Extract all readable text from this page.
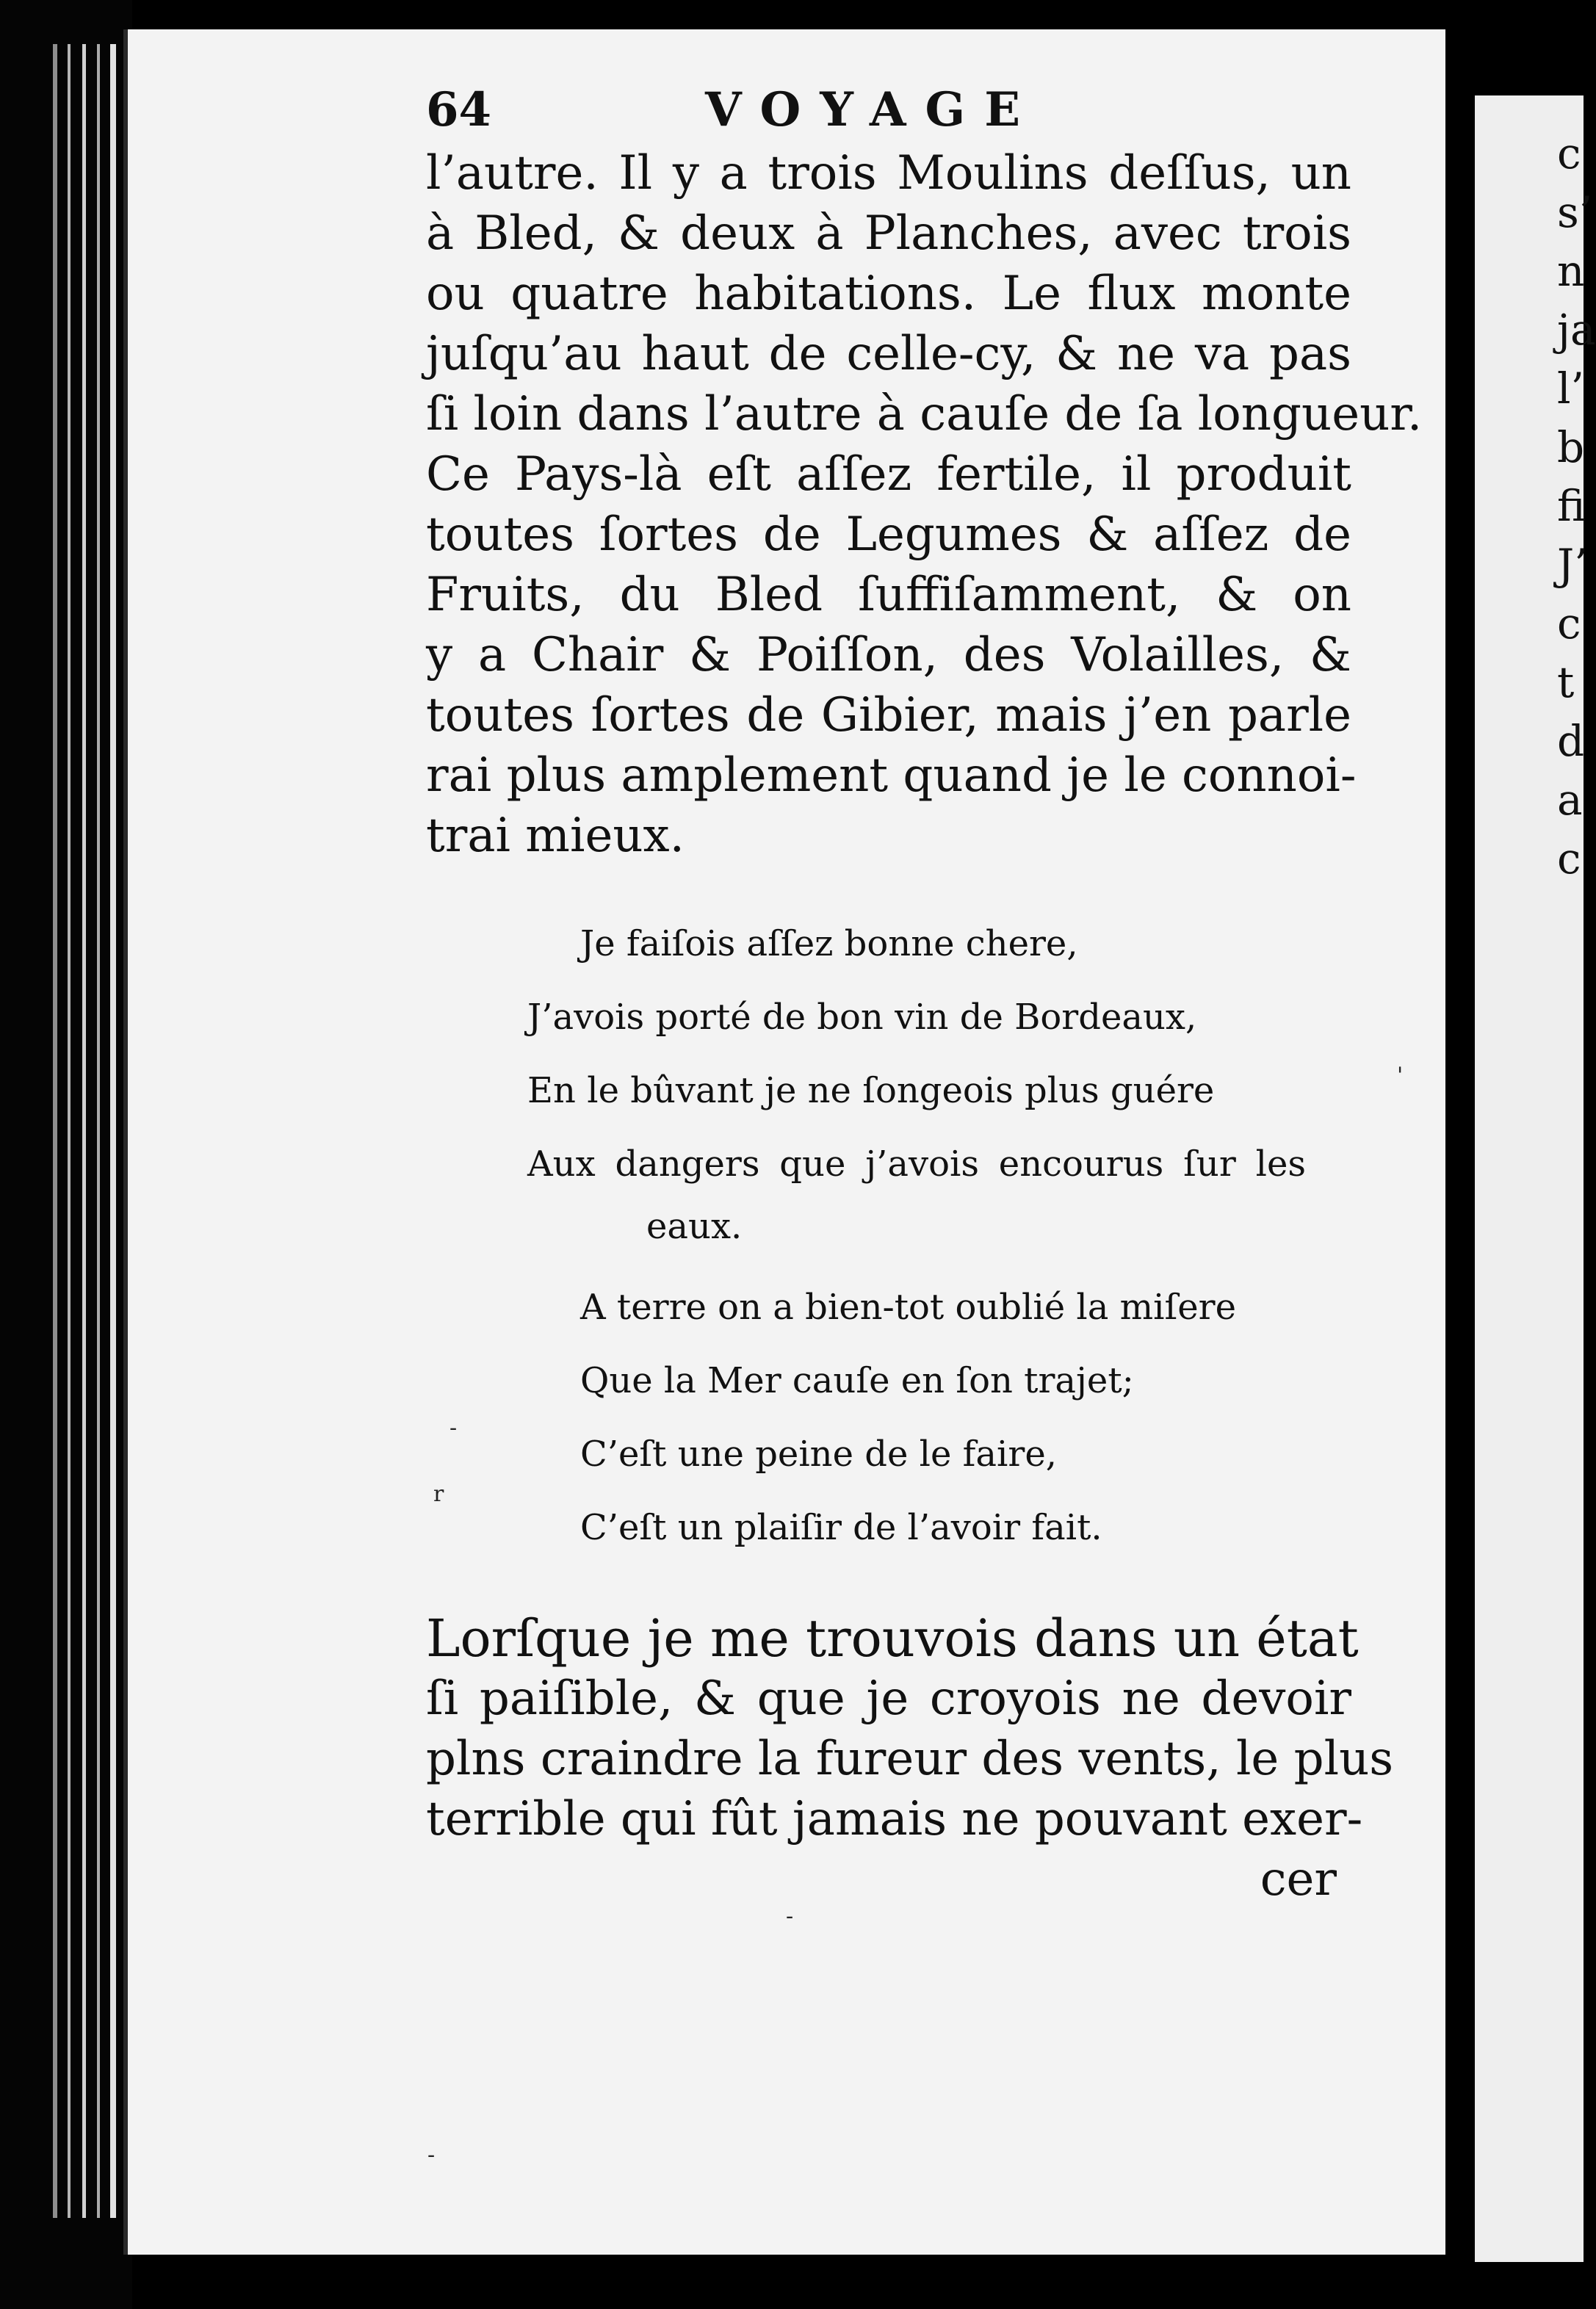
64	VOYAGE
l’autre. Il y a trois Moulins deſſus, un
à Bled, & deux à Planches, avec trois
ou quatre habitations. Le flux monte
juſqu’au haut de celle-cy, & ne va pas
ſi loin dans l’autre à cauſe de ſa longueur.
Ce Pays-là eſt aſſez fertile, il produit
toutes ſortes de Legumes & aſſez de
Fruits, du Bled ſuffiſamment, & on
y a Chair & Poiſſon, des Volailles, &
toutes ſortes de Gibier, mais j’en parle
rai plus amplement quand je le connoi-
trai mieux.
Je faiſois aſſez bonne chere,
J’avois porté de bon vin de Bordeaux,
En le bûvant je ne ſongeois plus guére
Aux dangers que j’avois encourus ſur les
eaux.
A terre on a bien-tot oublié la miſere
Que la Mer cauſe en ſon trajet;
C’eſt une peine de le faire,
C’eſt un plaiſir de l’avoir fait.
Lorſque je me trouvois dans un état
ſi paiſible, & que je croyois ne devoir
plns craindre la fureur des vents, le plus
terrible qui fût jamais ne pouvant exer-
cer
-
r
-
-
'
c
s’
n
ja
l’
b
fi
J’
c
t
d
a
c
